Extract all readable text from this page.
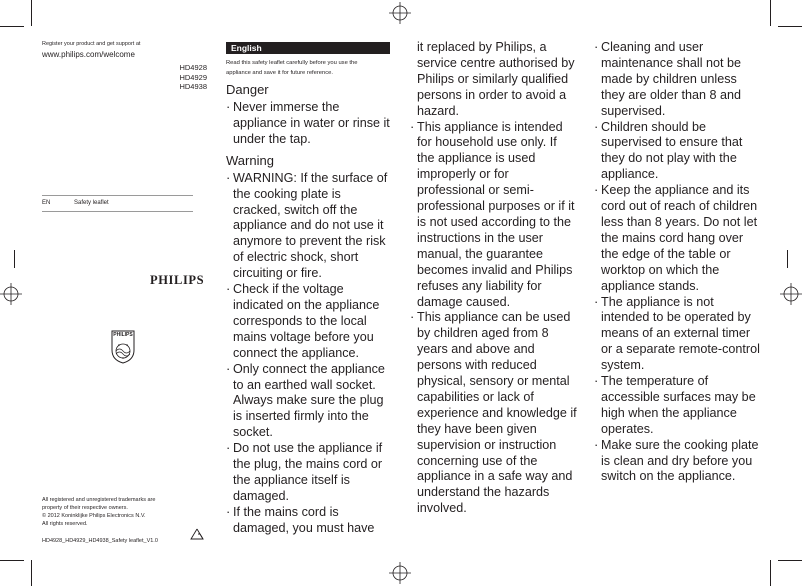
Register your product and get support at
www.philips.com/welcome
HD4928
HD4929
HD4938
EN	Safety leaflet
PHILIPS
PHILIPS
All registered and unregistered trademarks are
property of their respective owners.
© 2012 Koninklijke Philips Electronics N.V.
All rights reserved.
HD4928_HD4929_HD4938_Safety leaflet_V1.0
English
Read this safety leaflet carefully before you use the appliance and save it for future reference.
Danger

· Never immerse the appliance in water or rinse it under the tap.

Warning

· WARNING: If the surface of the cooking plate is cracked, switch off the appliance and do not use it anymore to prevent the risk of electric shock, short circuiting or fire.

· Check if the voltage indicated on the appliance corresponds to the local mains voltage before you connect the appliance.

· Only connect the appliance to an earthed wall socket. Always make sure the plug is inserted firmly into the socket.

· Do not use the appliance if the plug, the mains cord or the appliance itself is damaged.

· If the mains cord is damaged, you must have

it replaced by Philips, a service centre authorised by Philips or similarly qualified persons in order to avoid a hazard.

· This appliance is intended for household use only. If the appliance is used improperly or for professional or semi-professional purposes or if it is not used according to the instructions in the user manual, the guarantee becomes invalid and Philips refuses any liability for damage caused.

· This appliance can be used by children aged from 8 years and above and persons with reduced physical, sensory or mental capabilities or lack of experience and knowledge if they have been given supervision or instruction concerning use of the appliance in a safe way and understand the hazards involved.

· Cleaning and user maintenance shall not be made by children unless they are older than 8 and supervised.

· Children should be supervised to ensure that they do not play with the appliance.

· Keep the appliance and its cord out of reach of children less than 8 years. Do not let the mains cord hang over the edge of the table or worktop on which the appliance stands.

· The appliance is not intended to be operated by means of an external timer or a separate remote-control system.

· The temperature of accessible surfaces may be high when the appliance operates.

· Make sure the cooking plate is clean and dry before you switch on the appliance.
